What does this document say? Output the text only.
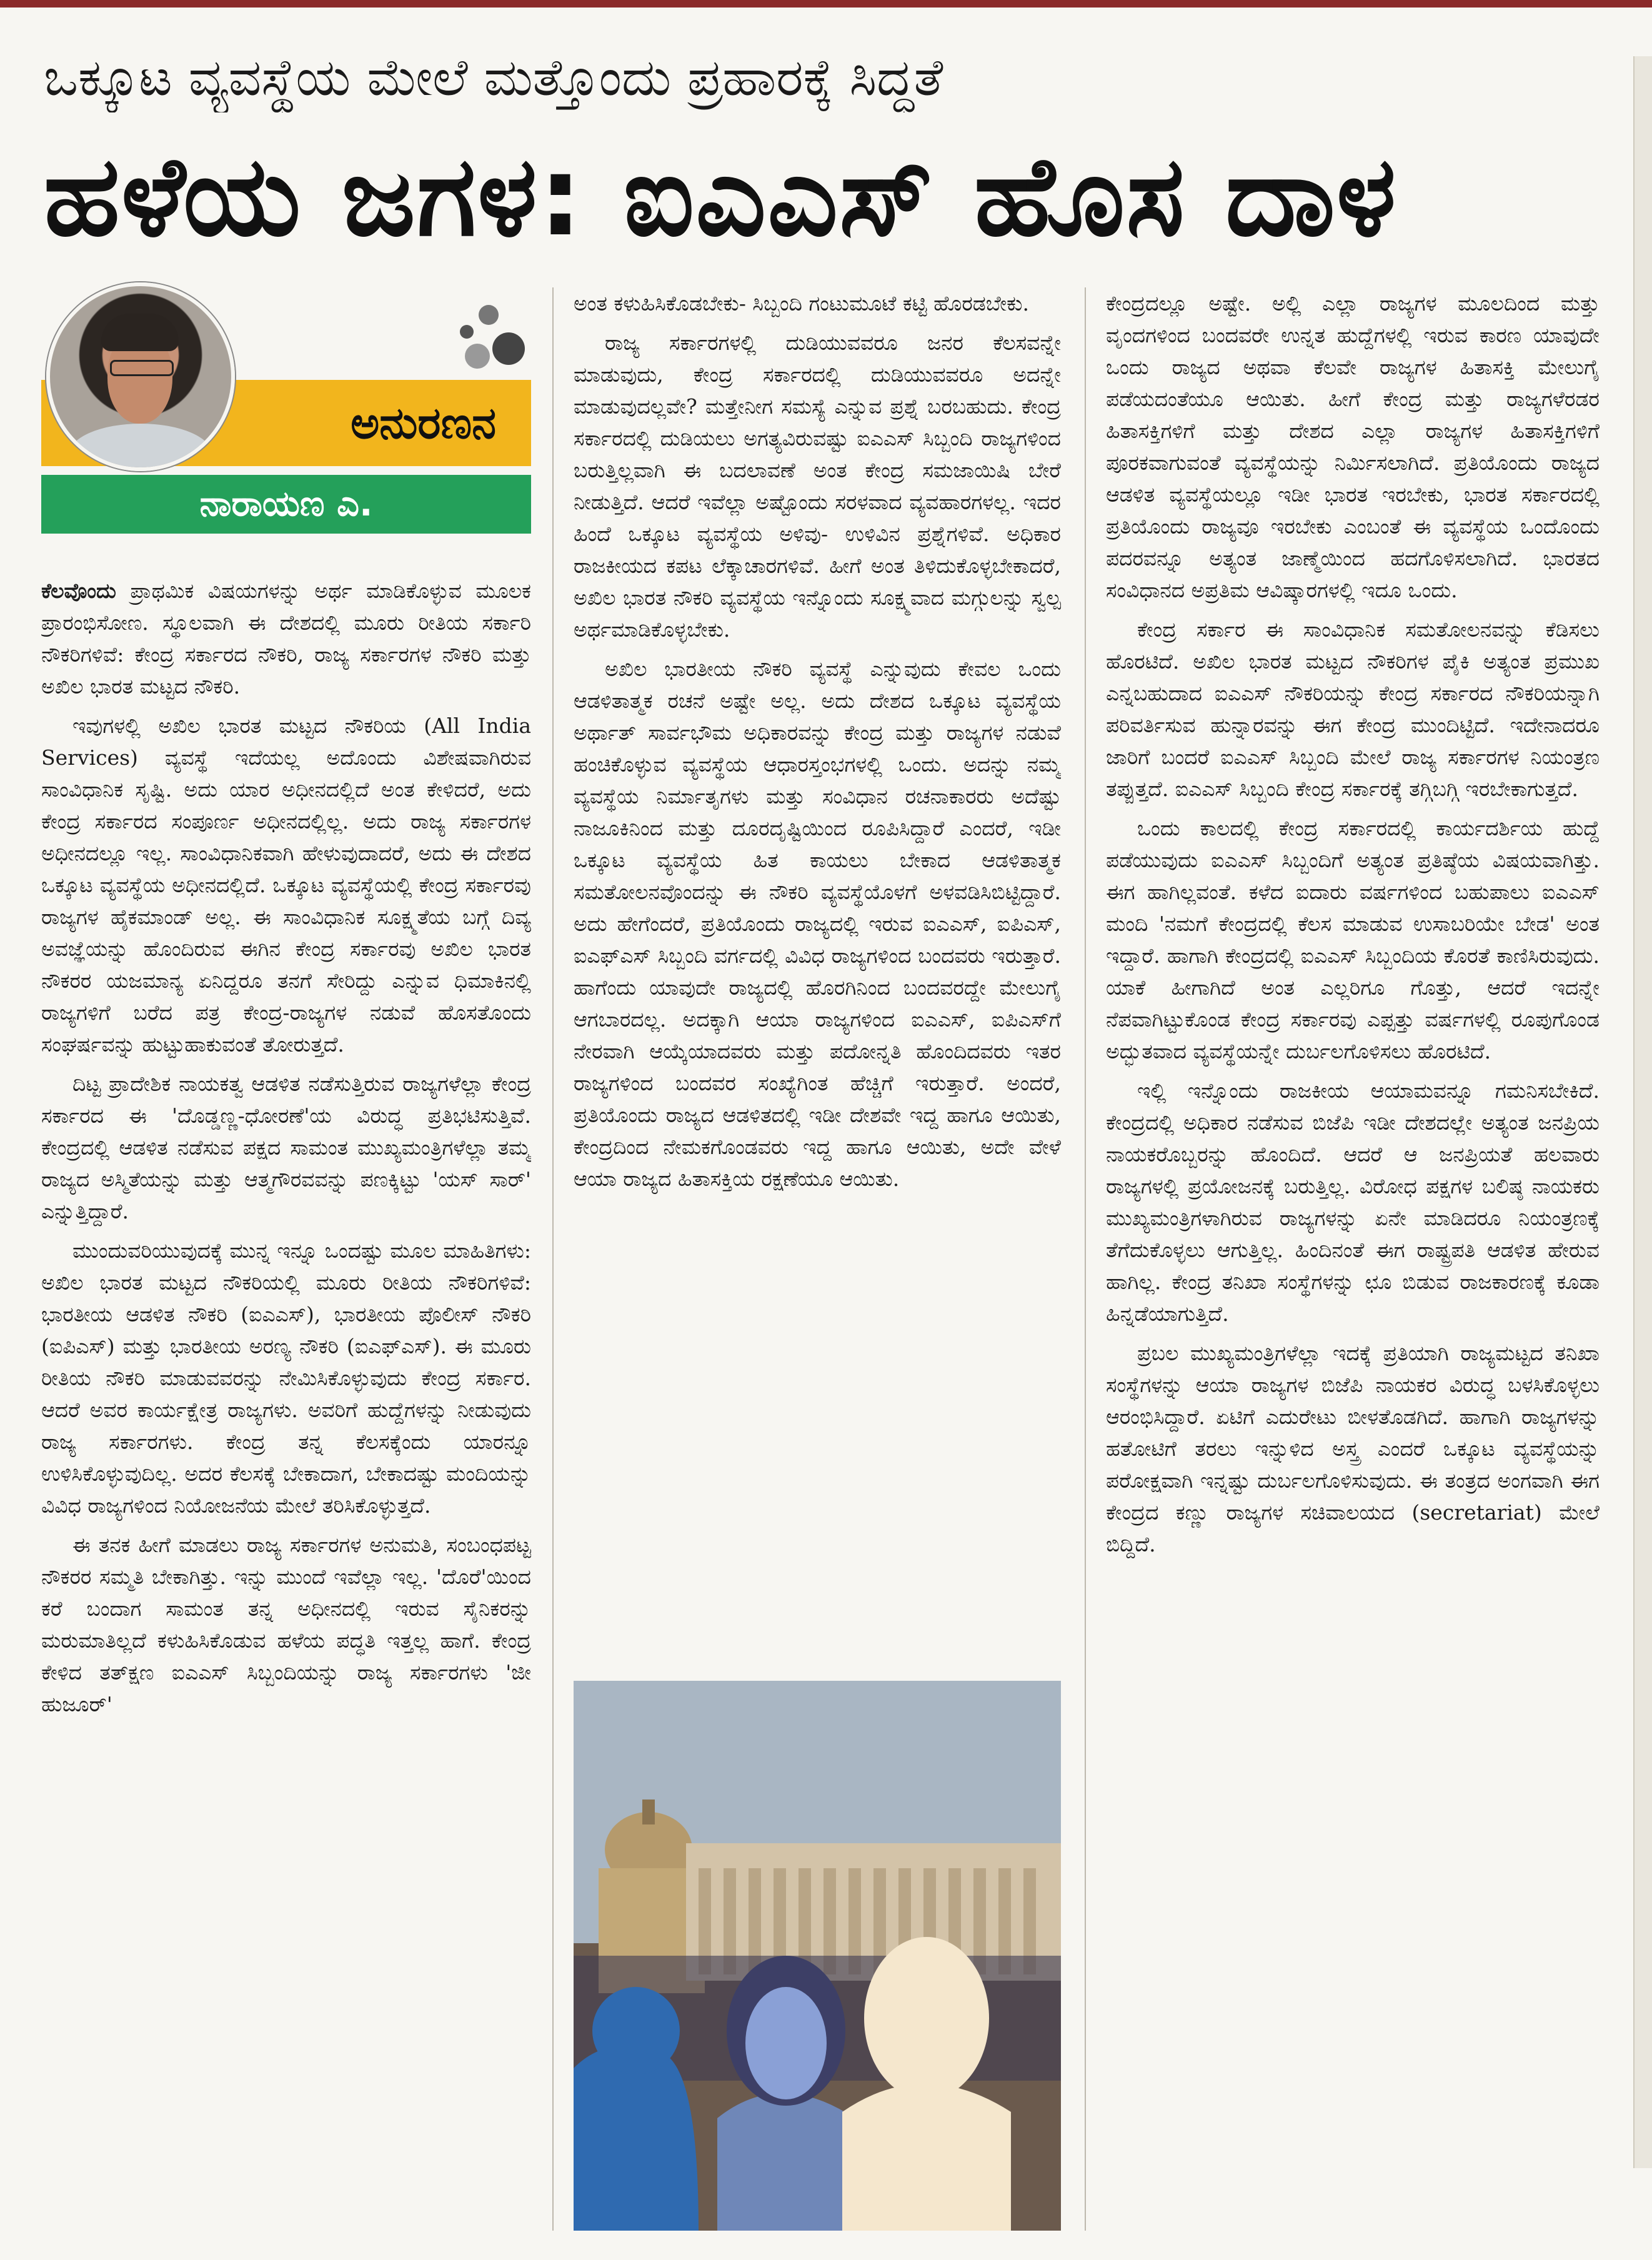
ಒಕ್ಕೂಟ ವ್ಯವಸ್ಥೆಯ ಮೇಲೆ ಮತ್ತೊಂದು ಪ್ರಹಾರಕ್ಕೆ ಸಿದ್ಧತೆ
ಹಳೆಯ ಜಗಳ: ಐಎಎಸ್ ಹೊಸ ದಾಳ
ಅನುರಣನ
ನಾರಾಯಣ ಎ.

ಕೆಲವೊಂದು ಪ್ರಾಥಮಿಕ ವಿಷಯಗಳನ್ನು ಅರ್ಥ ಮಾಡಿಕೊಳ್ಳುವ ಮೂಲಕ ಪ್ರಾರಂಭಿಸೋಣ. ಸ್ಥೂಲವಾಗಿ ಈ ದೇಶದಲ್ಲಿ ಮೂರು ರೀತಿಯ ಸರ್ಕಾರಿ ನೌಕರಿಗಳಿವೆ: ಕೇಂದ್ರ ಸರ್ಕಾರದ ನೌಕರಿ, ರಾಜ್ಯ ಸರ್ಕಾರಗಳ ನೌಕರಿ ಮತ್ತು ಅಖಿಲ ಭಾರತ ಮಟ್ಟದ ನೌಕರಿ.

ಇವುಗಳಲ್ಲಿ ಅಖಿಲ ಭಾರತ ಮಟ್ಟದ ನೌಕರಿಯ (All India Services) ವ್ಯವಸ್ಥೆ ಇದೆಯಲ್ಲ ಅದೊಂದು ವಿಶೇಷವಾಗಿರುವ ಸಾಂವಿಧಾನಿಕ ಸೃಷ್ಟಿ. ಅದು ಯಾರ ಅಧೀನದಲ್ಲಿದೆ ಅಂತ ಕೇಳಿದರೆ, ಅದು ಕೇಂದ್ರ ಸರ್ಕಾರದ ಸಂಪೂರ್ಣ ಅಧೀನದಲ್ಲಿಲ್ಲ. ಅದು ರಾಜ್ಯ ಸರ್ಕಾರಗಳ ಅಧೀನದಲ್ಲೂ ಇಲ್ಲ. ಸಾಂವಿಧಾನಿಕವಾಗಿ ಹೇಳುವುದಾದರೆ, ಅದು ಈ ದೇಶದ ಒಕ್ಕೂಟ ವ್ಯವಸ್ಥೆಯ ಅಧೀನದಲ್ಲಿದೆ. ಒಕ್ಕೂಟ ವ್ಯವಸ್ಥೆಯಲ್ಲಿ ಕೇಂದ್ರ ಸರ್ಕಾರವು ರಾಜ್ಯಗಳ ಹೈಕಮಾಂಡ್ ಅಲ್ಲ. ಈ ಸಾಂವಿಧಾನಿಕ ಸೂಕ್ಷ್ಮತೆಯ ಬಗ್ಗೆ ದಿವ್ಯ ಅವಜ್ಞೆಯನ್ನು ಹೊಂದಿರುವ ಈಗಿನ ಕೇಂದ್ರ ಸರ್ಕಾರವು ಅಖಿಲ ಭಾರತ ನೌಕರರ ಯಜಮಾನ್ಯ ಏನಿದ್ದರೂ ತನಗೆ ಸೇರಿದ್ದು ಎನ್ನುವ ಧಿಮಾಕಿನಲ್ಲಿ ರಾಜ್ಯಗಳಿಗೆ ಬರೆದ ಪತ್ರ ಕೇಂದ್ರ-ರಾಜ್ಯಗಳ ನಡುವೆ ಹೊಸತೊಂದು ಸಂಘರ್ಷವನ್ನು ಹುಟ್ಟುಹಾಕುವಂತೆ ತೋರುತ್ತದೆ.

ದಿಟ್ಟ ಪ್ರಾದೇಶಿಕ ನಾಯಕತ್ವ ಆಡಳಿತ ನಡೆಸುತ್ತಿರುವ ರಾಜ್ಯಗಳೆಲ್ಲಾ ಕೇಂದ್ರ ಸರ್ಕಾರದ ಈ 'ದೊಡ್ಡಣ್ಣ-ಧೋರಣೆ'ಯ ವಿರುದ್ಧ ಪ್ರತಿಭಟಿಸುತ್ತಿವೆ. ಕೇಂದ್ರದಲ್ಲಿ ಆಡಳಿತ ನಡೆಸುವ ಪಕ್ಷದ ಸಾಮಂತ ಮುಖ್ಯಮಂತ್ರಿಗಳೆಲ್ಲಾ ತಮ್ಮ ರಾಜ್ಯದ ಅಸ್ಮಿತೆಯನ್ನು ಮತ್ತು ಆತ್ಮಗೌರವವನ್ನು ಪಣಕ್ಕಿಟ್ಟು 'ಯಸ್ ಸಾರ್' ಎನ್ನುತ್ತಿದ್ದಾರೆ.

ಮುಂದುವರಿಯುವುದಕ್ಕೆ ಮುನ್ನ ಇನ್ನೂ ಒಂದಷ್ಟು ಮೂಲ ಮಾಹಿತಿಗಳು: ಅಖಿಲ ಭಾರತ ಮಟ್ಟದ ನೌಕರಿಯಲ್ಲಿ ಮೂರು ರೀತಿಯ ನೌಕರಿಗಳಿವೆ: ಭಾರತೀಯ ಆಡಳಿತ ನೌಕರಿ (ಐಎಎಸ್), ಭಾರತೀಯ ಪೊಲೀಸ್ ನೌಕರಿ (ಐಪಿಎಸ್) ಮತ್ತು ಭಾರತೀಯ ಅರಣ್ಯ ನೌಕರಿ (ಐಎಫ್ಎಸ್). ಈ ಮೂರು ರೀತಿಯ ನೌಕರಿ ಮಾಡುವವರನ್ನು ನೇಮಿಸಿಕೊಳ್ಳುವುದು ಕೇಂದ್ರ ಸರ್ಕಾರ. ಆದರೆ ಅವರ ಕಾರ್ಯಕ್ಷೇತ್ರ ರಾಜ್ಯಗಳು. ಅವರಿಗೆ ಹುದ್ದೆಗಳನ್ನು ನೀಡುವುದು ರಾಜ್ಯ ಸರ್ಕಾರಗಳು. ಕೇಂದ್ರ ತನ್ನ ಕೆಲಸಕ್ಕೆಂದು ಯಾರನ್ನೂ ಉಳಿಸಿಕೊಳ್ಳುವುದಿಲ್ಲ. ಅದರ ಕೆಲಸಕ್ಕೆ ಬೇಕಾದಾಗ, ಬೇಕಾದಷ್ಟು ಮಂದಿಯನ್ನು ವಿವಿಧ ರಾಜ್ಯಗಳಿಂದ ನಿಯೋಜನೆಯ ಮೇಲೆ ತರಿಸಿಕೊಳ್ಳುತ್ತದೆ.

ಈ ತನಕ ಹೀಗೆ ಮಾಡಲು ರಾಜ್ಯ ಸರ್ಕಾರಗಳ ಅನುಮತಿ, ಸಂಬಂಧಪಟ್ಟ ನೌಕರರ ಸಮ್ಮತಿ ಬೇಕಾಗಿತ್ತು. ಇನ್ನು ಮುಂದೆ ಇವೆಲ್ಲಾ ಇಲ್ಲ. 'ದೊರೆ'ಯಿಂದ ಕರೆ ಬಂದಾಗ ಸಾಮಂತ ತನ್ನ ಅಧೀನದಲ್ಲಿ ಇರುವ ಸೈನಿಕರನ್ನು ಮರುಮಾತಿಲ್ಲದೆ ಕಳುಹಿಸಿಕೊಡುವ ಹಳೆಯ ಪದ್ಧತಿ ಇತ್ತಲ್ಲ ಹಾಗೆ. ಕೇಂದ್ರ ಕೇಳಿದ ತತ್‌ಕ್ಷಣ ಐಎಎಸ್ ಸಿಬ್ಬಂದಿಯನ್ನು ರಾಜ್ಯ ಸರ್ಕಾರಗಳು 'ಜೀ ಹುಜೂರ್'

ಅಂತ ಕಳುಹಿಸಿಕೊಡಬೇಕು- ಸಿಬ್ಬಂದಿ ಗಂಟುಮೂಟೆ ಕಟ್ಟಿ ಹೊರಡಬೇಕು.

ರಾಜ್ಯ ಸರ್ಕಾರಗಳಲ್ಲಿ ದುಡಿಯುವವರೂ ಜನರ ಕೆಲಸವನ್ನೇ ಮಾಡುವುದು, ಕೇಂದ್ರ ಸರ್ಕಾರದಲ್ಲಿ ದುಡಿಯುವವರೂ ಅದನ್ನೇ ಮಾಡುವುದಲ್ಲವೇ? ಮತ್ತೇನೀಗ ಸಮಸ್ಯೆ ಎನ್ನುವ ಪ್ರಶ್ನೆ ಬರಬಹುದು. ಕೇಂದ್ರ ಸರ್ಕಾರದಲ್ಲಿ ದುಡಿಯಲು ಅಗತ್ಯವಿರುವಷ್ಟು ಐಎಎಸ್ ಸಿಬ್ಬಂದಿ ರಾಜ್ಯಗಳಿಂದ ಬರುತ್ತಿಲ್ಲವಾಗಿ ಈ ಬದಲಾವಣೆ ಅಂತ ಕೇಂದ್ರ ಸಮಜಾಯಿಷಿ ಬೇರೆ ನೀಡುತ್ತಿದೆ. ಆದರೆ ಇವೆಲ್ಲಾ ಅಷ್ಟೊಂದು ಸರಳವಾದ ವ್ಯವಹಾರಗಳಲ್ಲ. ಇದರ ಹಿಂದೆ ಒಕ್ಕೂಟ ವ್ಯವಸ್ಥೆಯ ಅಳಿವು- ಉಳಿವಿನ ಪ್ರಶ್ನೆಗಳಿವೆ. ಅಧಿಕಾರ ರಾಜಕೀಯದ ಕಪಟ ಲೆಕ್ಕಾಚಾರಗಳಿವೆ. ಹೀಗೆ ಅಂತ ತಿಳಿದುಕೊಳ್ಳಬೇಕಾದರೆ, ಅಖಿಲ ಭಾರತ ನೌಕರಿ ವ್ಯವಸ್ಥೆಯ ಇನ್ನೊಂದು ಸೂಕ್ಷ್ಮವಾದ ಮಗ್ಗುಲನ್ನು ಸ್ವಲ್ಪ ಅರ್ಥಮಾಡಿಕೊಳ್ಳಬೇಕು.

ಅಖಿಲ ಭಾರತೀಯ ನೌಕರಿ ವ್ಯವಸ್ಥೆ ಎನ್ನುವುದು ಕೇವಲ ಒಂದು ಆಡಳಿತಾತ್ಮಕ ರಚನೆ ಅಷ್ಟೇ ಅಲ್ಲ. ಅದು ದೇಶದ ಒಕ್ಕೂಟ ವ್ಯವಸ್ಥೆಯ ಅರ್ಥಾತ್ ಸಾರ್ವಭೌಮ ಅಧಿಕಾರವನ್ನು ಕೇಂದ್ರ ಮತ್ತು ರಾಜ್ಯಗಳ ನಡುವೆ ಹಂಚಿಕೊಳ್ಳುವ ವ್ಯವಸ್ಥೆಯ ಆಧಾರಸ್ತಂಭಗಳಲ್ಲಿ ಒಂದು. ಅದನ್ನು ನಮ್ಮ ವ್ಯವಸ್ಥೆಯ ನಿರ್ಮಾತೃಗಳು ಮತ್ತು ಸಂವಿಧಾನ ರಚನಾಕಾರರು ಅದೆಷ್ಟು ನಾಜೂಕಿನಿಂದ ಮತ್ತು ದೂರದೃಷ್ಟಿಯಿಂದ ರೂಪಿಸಿದ್ದಾರೆ ಎಂದರೆ, ಇಡೀ ಒಕ್ಕೂಟ ವ್ಯವಸ್ಥೆಯ ಹಿತ ಕಾಯಲು ಬೇಕಾದ ಆಡಳಿತಾತ್ಮಕ ಸಮತೋಲನವೊಂದನ್ನು ಈ ನೌಕರಿ ವ್ಯವಸ್ಥೆಯೊಳಗೆ ಅಳವಡಿಸಿಬಿಟ್ಟಿದ್ದಾರೆ. ಅದು ಹೇಗೆಂದರೆ, ಪ್ರತಿಯೊಂದು ರಾಜ್ಯದಲ್ಲಿ ಇರುವ ಐಎಎಸ್, ಐಪಿಎಸ್, ಐಎಫ್ಎಸ್ ಸಿಬ್ಬಂದಿ ವರ್ಗದಲ್ಲಿ ವಿವಿಧ ರಾಜ್ಯಗಳಿಂದ ಬಂದವರು ಇರುತ್ತಾರೆ. ಹಾಗೆಂದು ಯಾವುದೇ ರಾಜ್ಯದಲ್ಲಿ ಹೊರಗಿನಿಂದ ಬಂದವರದ್ದೇ ಮೇಲುಗೈ ಆಗಬಾರದಲ್ಲ. ಅದಕ್ಕಾಗಿ ಆಯಾ ರಾಜ್ಯಗಳಿಂದ ಐಎಎಸ್, ಐಪಿಎಸ್‌ಗೆ ನೇರವಾಗಿ ಆಯ್ಕೆಯಾದವರು ಮತ್ತು ಪದೋನ್ನತಿ ಹೊಂದಿದವರು ಇತರ ರಾಜ್ಯಗಳಿಂದ ಬಂದವರ ಸಂಖ್ಯೆಗಿಂತ ಹೆಚ್ಚಿಗೆ ಇರುತ್ತಾರೆ. ಅಂದರೆ, ಪ್ರತಿಯೊಂದು ರಾಜ್ಯದ ಆಡಳಿತದಲ್ಲಿ ಇಡೀ ದೇಶವೇ ಇದ್ದ ಹಾಗೂ ಆಯಿತು, ಕೇಂದ್ರದಿಂದ ನೇಮಕಗೊಂಡವರು ಇದ್ದ ಹಾಗೂ ಆಯಿತು, ಅದೇ ವೇಳೆ ಆಯಾ ರಾಜ್ಯದ ಹಿತಾಸಕ್ತಿಯ ರಕ್ಷಣೆಯೂ ಆಯಿತು.

ಕೇಂದ್ರದಲ್ಲೂ ಅಷ್ಟೇ. ಅಲ್ಲಿ ಎಲ್ಲಾ ರಾಜ್ಯಗಳ ಮೂಲದಿಂದ ಮತ್ತು ವೃಂದಗಳಿಂದ ಬಂದವರೇ ಉನ್ನತ ಹುದ್ದೆಗಳಲ್ಲಿ ಇರುವ ಕಾರಣ ಯಾವುದೇ ಒಂದು ರಾಜ್ಯದ ಅಥವಾ ಕೆಲವೇ ರಾಜ್ಯಗಳ ಹಿತಾಸಕ್ತಿ ಮೇಲುಗೈ ಪಡೆಯದಂತೆಯೂ ಆಯಿತು. ಹೀಗೆ ಕೇಂದ್ರ ಮತ್ತು ರಾಜ್ಯಗಳೆರಡರ ಹಿತಾಸಕ್ತಿಗಳಿಗೆ ಮತ್ತು ದೇಶದ ಎಲ್ಲಾ ರಾಜ್ಯಗಳ ಹಿತಾಸಕ್ತಿಗಳಿಗೆ ಪೂರಕವಾಗುವಂತೆ ವ್ಯವಸ್ಥೆಯನ್ನು ನಿರ್ಮಿಸಲಾಗಿದೆ. ಪ್ರತಿಯೊಂದು ರಾಜ್ಯದ ಆಡಳಿತ ವ್ಯವಸ್ಥೆಯಲ್ಲೂ ಇಡೀ ಭಾರತ ಇರಬೇಕು, ಭಾರತ ಸರ್ಕಾರದಲ್ಲಿ ಪ್ರತಿಯೊಂದು ರಾಜ್ಯವೂ ಇರಬೇಕು ಎಂಬಂತೆ ಈ ವ್ಯವಸ್ಥೆಯ ಒಂದೊಂದು ಪದರವನ್ನೂ ಅತ್ಯಂತ ಜಾಣ್ಮೆಯಿಂದ ಹದಗೊಳಿಸಲಾಗಿದೆ. ಭಾರತದ ಸಂವಿಧಾನದ ಅಪ್ರತಿಮ ಆವಿಷ್ಕಾರಗಳಲ್ಲಿ ಇದೂ ಒಂದು.

ಕೇಂದ್ರ ಸರ್ಕಾರ ಈ ಸಾಂವಿಧಾನಿಕ ಸಮತೋಲನವನ್ನು ಕೆಡಿಸಲು ಹೊರಟಿದೆ. ಅಖಿಲ ಭಾರತ ಮಟ್ಟದ ನೌಕರಿಗಳ ಪೈಕಿ ಅತ್ಯಂತ ಪ್ರಮುಖ ಎನ್ನಬಹುದಾದ ಐಎಎಸ್ ನೌಕರಿಯನ್ನು ಕೇಂದ್ರ ಸರ್ಕಾರದ ನೌಕರಿಯನ್ನಾಗಿ ಪರಿವರ್ತಿಸುವ ಹುನ್ನಾರವನ್ನು ಈಗ ಕೇಂದ್ರ ಮುಂದಿಟ್ಟಿದೆ. ಇದೇನಾದರೂ ಜಾರಿಗೆ ಬಂದರೆ ಐಎಎಸ್ ಸಿಬ್ಬಂದಿ ಮೇಲೆ ರಾಜ್ಯ ಸರ್ಕಾರಗಳ ನಿಯಂತ್ರಣ ತಪ್ಪುತ್ತದೆ. ಐಎಎಸ್ ಸಿಬ್ಬಂದಿ ಕೇಂದ್ರ ಸರ್ಕಾರಕ್ಕೆ ತಗ್ಗಿಬಗ್ಗಿ ಇರಬೇಕಾಗುತ್ತದೆ.

ಒಂದು ಕಾಲದಲ್ಲಿ ಕೇಂದ್ರ ಸರ್ಕಾರದಲ್ಲಿ ಕಾರ್ಯದರ್ಶಿಯ ಹುದ್ದೆ ಪಡೆಯುವುದು ಐಎಎಸ್ ಸಿಬ್ಬಂದಿಗೆ ಅತ್ಯಂತ ಪ್ರತಿಷ್ಠೆಯ ವಿಷಯವಾಗಿತ್ತು. ಈಗ ಹಾಗಿಲ್ಲವಂತೆ. ಕಳೆದ ಐದಾರು ವರ್ಷಗಳಿಂದ ಬಹುಪಾಲು ಐಎಎಸ್ ಮಂದಿ 'ನಮಗೆ ಕೇಂದ್ರದಲ್ಲಿ ಕೆಲಸ ಮಾಡುವ ಉಸಾಬರಿಯೇ ಬೇಡ' ಅಂತ ಇದ್ದಾರೆ. ಹಾಗಾಗಿ ಕೇಂದ್ರದಲ್ಲಿ ಐಎಎಸ್ ಸಿಬ್ಬಂದಿಯ ಕೊರತೆ ಕಾಣಿಸಿರುವುದು. ಯಾಕೆ ಹೀಗಾಗಿದೆ ಅಂತ ಎಲ್ಲರಿಗೂ ಗೊತ್ತು, ಆದರೆ ಇದನ್ನೇ ನೆಪವಾಗಿಟ್ಟುಕೊಂಡ ಕೇಂದ್ರ ಸರ್ಕಾರವು ಎಪ್ಪತ್ತು ವರ್ಷಗಳಲ್ಲಿ ರೂಪುಗೊಂಡ ಅದ್ಭುತವಾದ ವ್ಯವಸ್ಥೆಯನ್ನೇ ದುರ್ಬಲಗೊಳಿಸಲು ಹೊರಟಿದೆ.

ಇಲ್ಲಿ ಇನ್ನೊಂದು ರಾಜಕೀಯ ಆಯಾಮವನ್ನೂ ಗಮನಿಸಬೇಕಿದೆ. ಕೇಂದ್ರದಲ್ಲಿ ಅಧಿಕಾರ ನಡೆಸುವ ಬಿಜೆಪಿ ಇಡೀ ದೇಶದಲ್ಲೇ ಅತ್ಯಂತ ಜನಪ್ರಿಯ ನಾಯಕರೊಬ್ಬರನ್ನು ಹೊಂದಿದೆ. ಆದರೆ ಆ ಜನಪ್ರಿಯತೆ ಹಲವಾರು ರಾಜ್ಯಗಳಲ್ಲಿ ಪ್ರಯೋಜನಕ್ಕೆ ಬರುತ್ತಿಲ್ಲ. ವಿರೋಧ ಪಕ್ಷಗಳ ಬಲಿಷ್ಠ ನಾಯಕರು ಮುಖ್ಯಮಂತ್ರಿಗಳಾಗಿರುವ ರಾಜ್ಯಗಳನ್ನು ಏನೇ ಮಾಡಿದರೂ ನಿಯಂತ್ರಣಕ್ಕೆ ತೆಗೆದುಕೊಳ್ಳಲು ಆಗುತ್ತಿಲ್ಲ. ಹಿಂದಿನಂತೆ ಈಗ ರಾಷ್ಟ್ರಪತಿ ಆಡಳಿತ ಹೇರುವ ಹಾಗಿಲ್ಲ. ಕೇಂದ್ರ ತನಿಖಾ ಸಂಸ್ಥೆಗಳನ್ನು ಛೂ ಬಿಡುವ ರಾಜಕಾರಣಕ್ಕೆ ಕೂಡಾ ಹಿನ್ನಡೆಯಾಗುತ್ತಿದೆ.

ಪ್ರಬಲ ಮುಖ್ಯಮಂತ್ರಿಗಳೆಲ್ಲಾ ಇದಕ್ಕೆ ಪ್ರತಿಯಾಗಿ ರಾಜ್ಯಮಟ್ಟದ ತನಿಖಾ ಸಂಸ್ಥೆಗಳನ್ನು ಆಯಾ ರಾಜ್ಯಗಳ ಬಿಜೆಪಿ ನಾಯಕರ ವಿರುದ್ಧ ಬಳಸಿಕೊಳ್ಳಲು ಆರಂಭಿಸಿದ್ದಾರೆ. ಏಟಿಗೆ ಎದುರೇಟು ಬೀಳತೊಡಗಿದೆ. ಹಾಗಾಗಿ ರಾಜ್ಯಗಳನ್ನು ಹತೋಟಿಗೆ ತರಲು ಇನ್ನುಳಿದ ಅಸ್ತ್ರ ಎಂದರೆ ಒಕ್ಕೂಟ ವ್ಯವಸ್ಥೆಯನ್ನು ಪರೋಕ್ಷವಾಗಿ ಇನ್ನಷ್ಟು ದುರ್ಬಲಗೊಳಿಸುವುದು. ಈ ತಂತ್ರದ ಅಂಗವಾಗಿ ಈಗ ಕೇಂದ್ರದ ಕಣ್ಣು ರಾಜ್ಯಗಳ ಸಚಿವಾಲಯದ (secretariat) ಮೇಲೆ ಬಿದ್ದಿದೆ.
